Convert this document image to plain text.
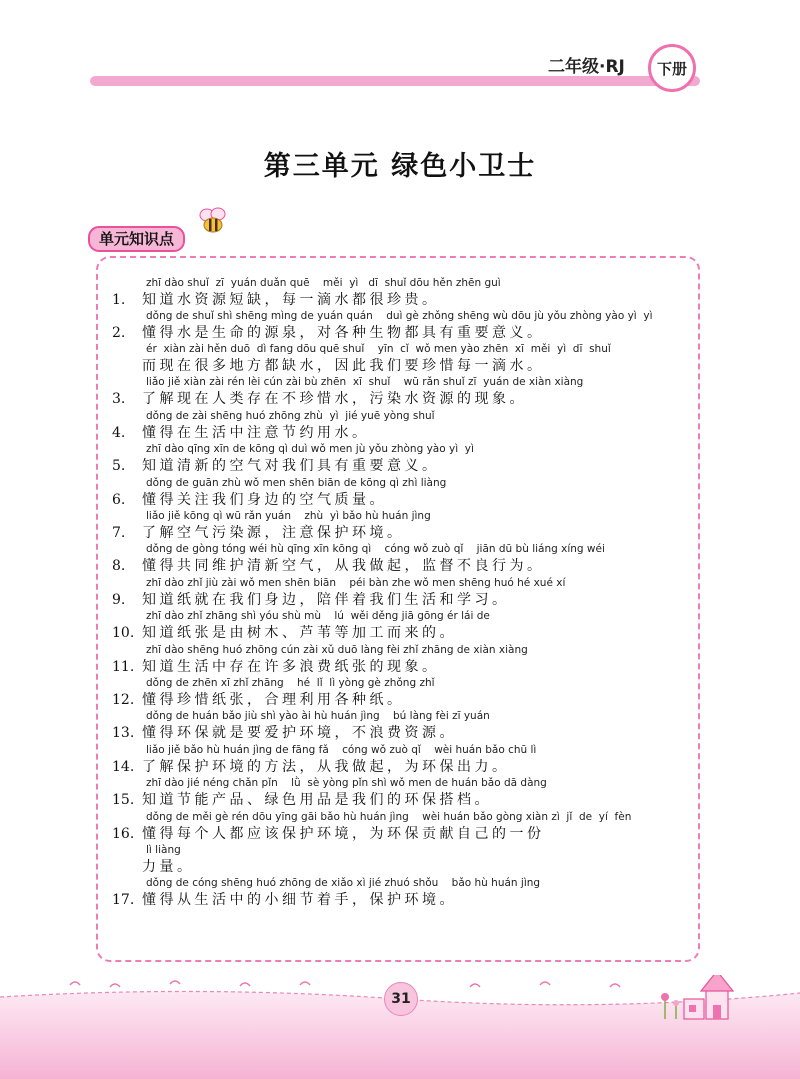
二年级·RJ	下册
第三单元 绿色小卫士
单元知识点
zhī dào shuǐ  zī  yuán duǎn quē    měi  yì   dī  shuǐ dōu hěn zhēn guì
1. 知道水资源短缺，每一滴水都很珍贵。
dǒng de shuǐ shì shēng mìng de yuán quán    duì gè zhǒng shēng wù dōu jù yǒu zhòng yào yì  yì
2. 懂得水是生命的源泉，对各种生物都具有重要意义。
ér  xiàn zài hěn duō  dì fang dōu quē shuǐ    yīn  cǐ  wǒ men yào zhēn  xī  měi  yì  dī  shuǐ
而现在很多地方都缺水，因此我们要珍惜每一滴水。
liǎo jiě xiàn zài rén lèi cún zài bù zhēn  xī  shuǐ    wū rǎn shuǐ zī  yuán de xiàn xiàng
3. 了解现在人类存在不珍惜水，污染水资源的现象。
dǒng de zài shēng huó zhōng zhù  yì  jié yuē yòng shuǐ
4. 懂得在生活中注意节约用水。
zhī dào qīng xīn de kōng qì duì wǒ men jù yǒu zhòng yào yì  yì
5. 知道清新的空气对我们具有重要意义。
dǒng de guān zhù wǒ men shēn biān de kōng qì zhì liàng
6. 懂得关注我们身边的空气质量。
liǎo jiě kōng qì wū rǎn yuán    zhù  yì bǎo hù huán jìng
7. 了解空气污染源，注意保护环境。
dǒng de gòng tóng wéi hù qīng xīn kōng qì    cóng wǒ zuò qǐ    jiān dū bù liáng xíng wéi
8. 懂得共同维护清新空气，从我做起，监督不良行为。
zhī dào zhǐ jiù zài wǒ men shēn biān    péi bàn zhe wǒ men shēng huó hé xué xí
9. 知道纸就在我们身边，陪伴着我们生活和学习。
zhī dào zhǐ zhāng shì yóu shù mù    lú  wěi děng jiā gōng ér lái de
10. 知道纸张是由树木、芦苇等加工而来的。
zhī dào shēng huó zhōng cún zài xǔ duō làng fèi zhǐ zhāng de xiàn xiàng
11. 知道生活中存在许多浪费纸张的现象。
dǒng de zhēn xī zhǐ zhāng    hé  lǐ  lì yòng gè zhǒng zhǐ
12. 懂得珍惜纸张，合理利用各种纸。
dǒng de huán bǎo jiù shì yào ài hù huán jìng    bú làng fèi zī yuán
13. 懂得环保就是要爱护环境，不浪费资源。
liǎo jiě bǎo hù huán jìng de fāng fǎ    cóng wǒ zuò qǐ    wèi huán bǎo chū lì
14. 了解保护环境的方法，从我做起，为环保出力。
zhī dào jié néng chǎn pǐn    lǜ  sè yòng pǐn shì wǒ men de huán bǎo dā dàng
15. 知道节能产品、绿色用品是我们的环保搭档。
dǒng de měi gè rén dōu yīng gāi bǎo hù huán jìng    wèi huán bǎo gòng xiàn zì  jǐ  de  yí  fèn
16. 懂得每个人都应该保护环境，为环保贡献自己的一份
lì liàng
力量。
dǒng de cóng shēng huó zhōng de xiǎo xì jié zhuó shǒu    bǎo hù huán jìng
17. 懂得从生活中的小细节着手，保护环境。
31
